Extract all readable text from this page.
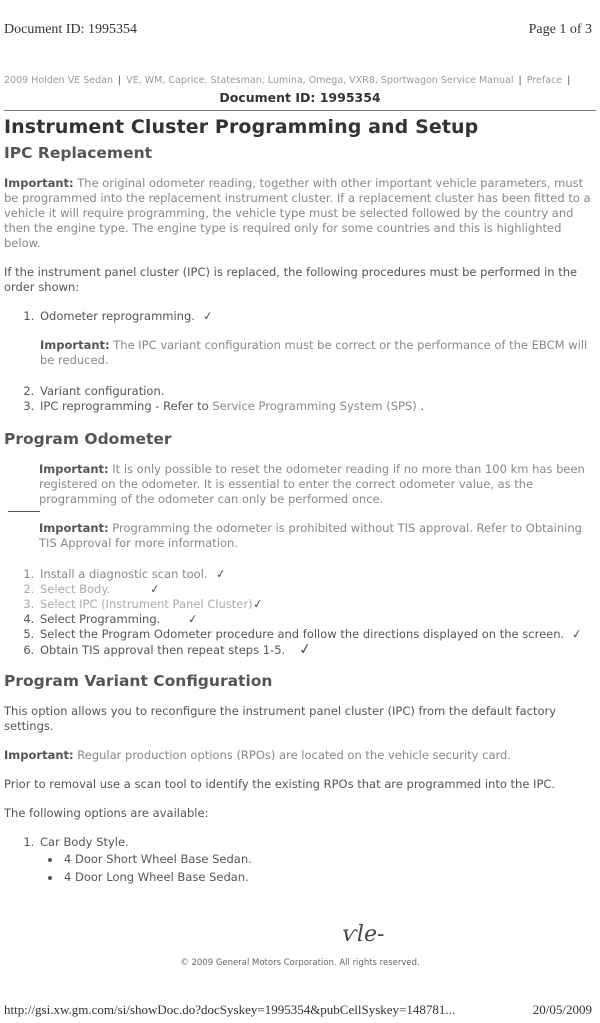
Document ID: 1995354	Page 1 of 3
2009 Holden VE Sedan | VE, WM, Caprice, Statesman, Lumina, Omega, VXR8, Sportwagon Service Manual | Preface |
Document ID: 1995354
Instrument Cluster Programming and Setup
IPC Replacement

Important: The original odometer reading, together with other important vehicle parameters, must be programmed into the replacement instrument cluster. If a replacement cluster has been fitted to a vehicle it will require programming, the vehicle type must be selected followed by the country and then the engine type. The engine type is required only for some countries and this is highlighted below.

If the instrument panel cluster (IPC) is replaced, the following procedures must be performed in the order shown:

1. Odometer reprogramming. ✓

Important: The IPC variant configuration must be correct or the performance of the EBCM will be reduced.

2. Variant configuration.
3. IPC reprogramming - Refer to Service Programming System (SPS) .
Program Odometer

Important: It is only possible to reset the odometer reading if no more than 100 km has been registered on the odometer. It is essential to enter the correct odometer value, as the programming of the odometer can only be performed once.

Important: Programming the odometer is prohibited without TIS approval. Refer to Obtaining TIS Approval for more information.

1. Install a diagnostic scan tool. ✓
2. Select Body.	✓
3. Select IPC (Instrument Panel Cluster)✓
4. Select Programming. ✓
5. Select the Program Odometer procedure and follow the directions displayed on the screen. ✓
6. Obtain TIS approval then repeat steps 1-5. ✓
Program Variant Configuration

This option allows you to reconfigure the instrument panel cluster (IPC) from the default factory settings.

Important: Regular production options (RPOs) are located on the vehicle security card.

Prior to removal use a scan tool to identify the existing RPOs that are programmed into the IPC.

The following options are available:

1. Car Body Style.
• 4 Door Short Wheel Base Sedan.
• 4 Door Long Wheel Base Sedan.
ѵle-
© 2009 General Motors Corporation. All rights reserved.
http://gsi.xw.gm.com/si/showDoc.do?docSyskey=1995354&pubCellSyskey=148781...	20/05/2009
